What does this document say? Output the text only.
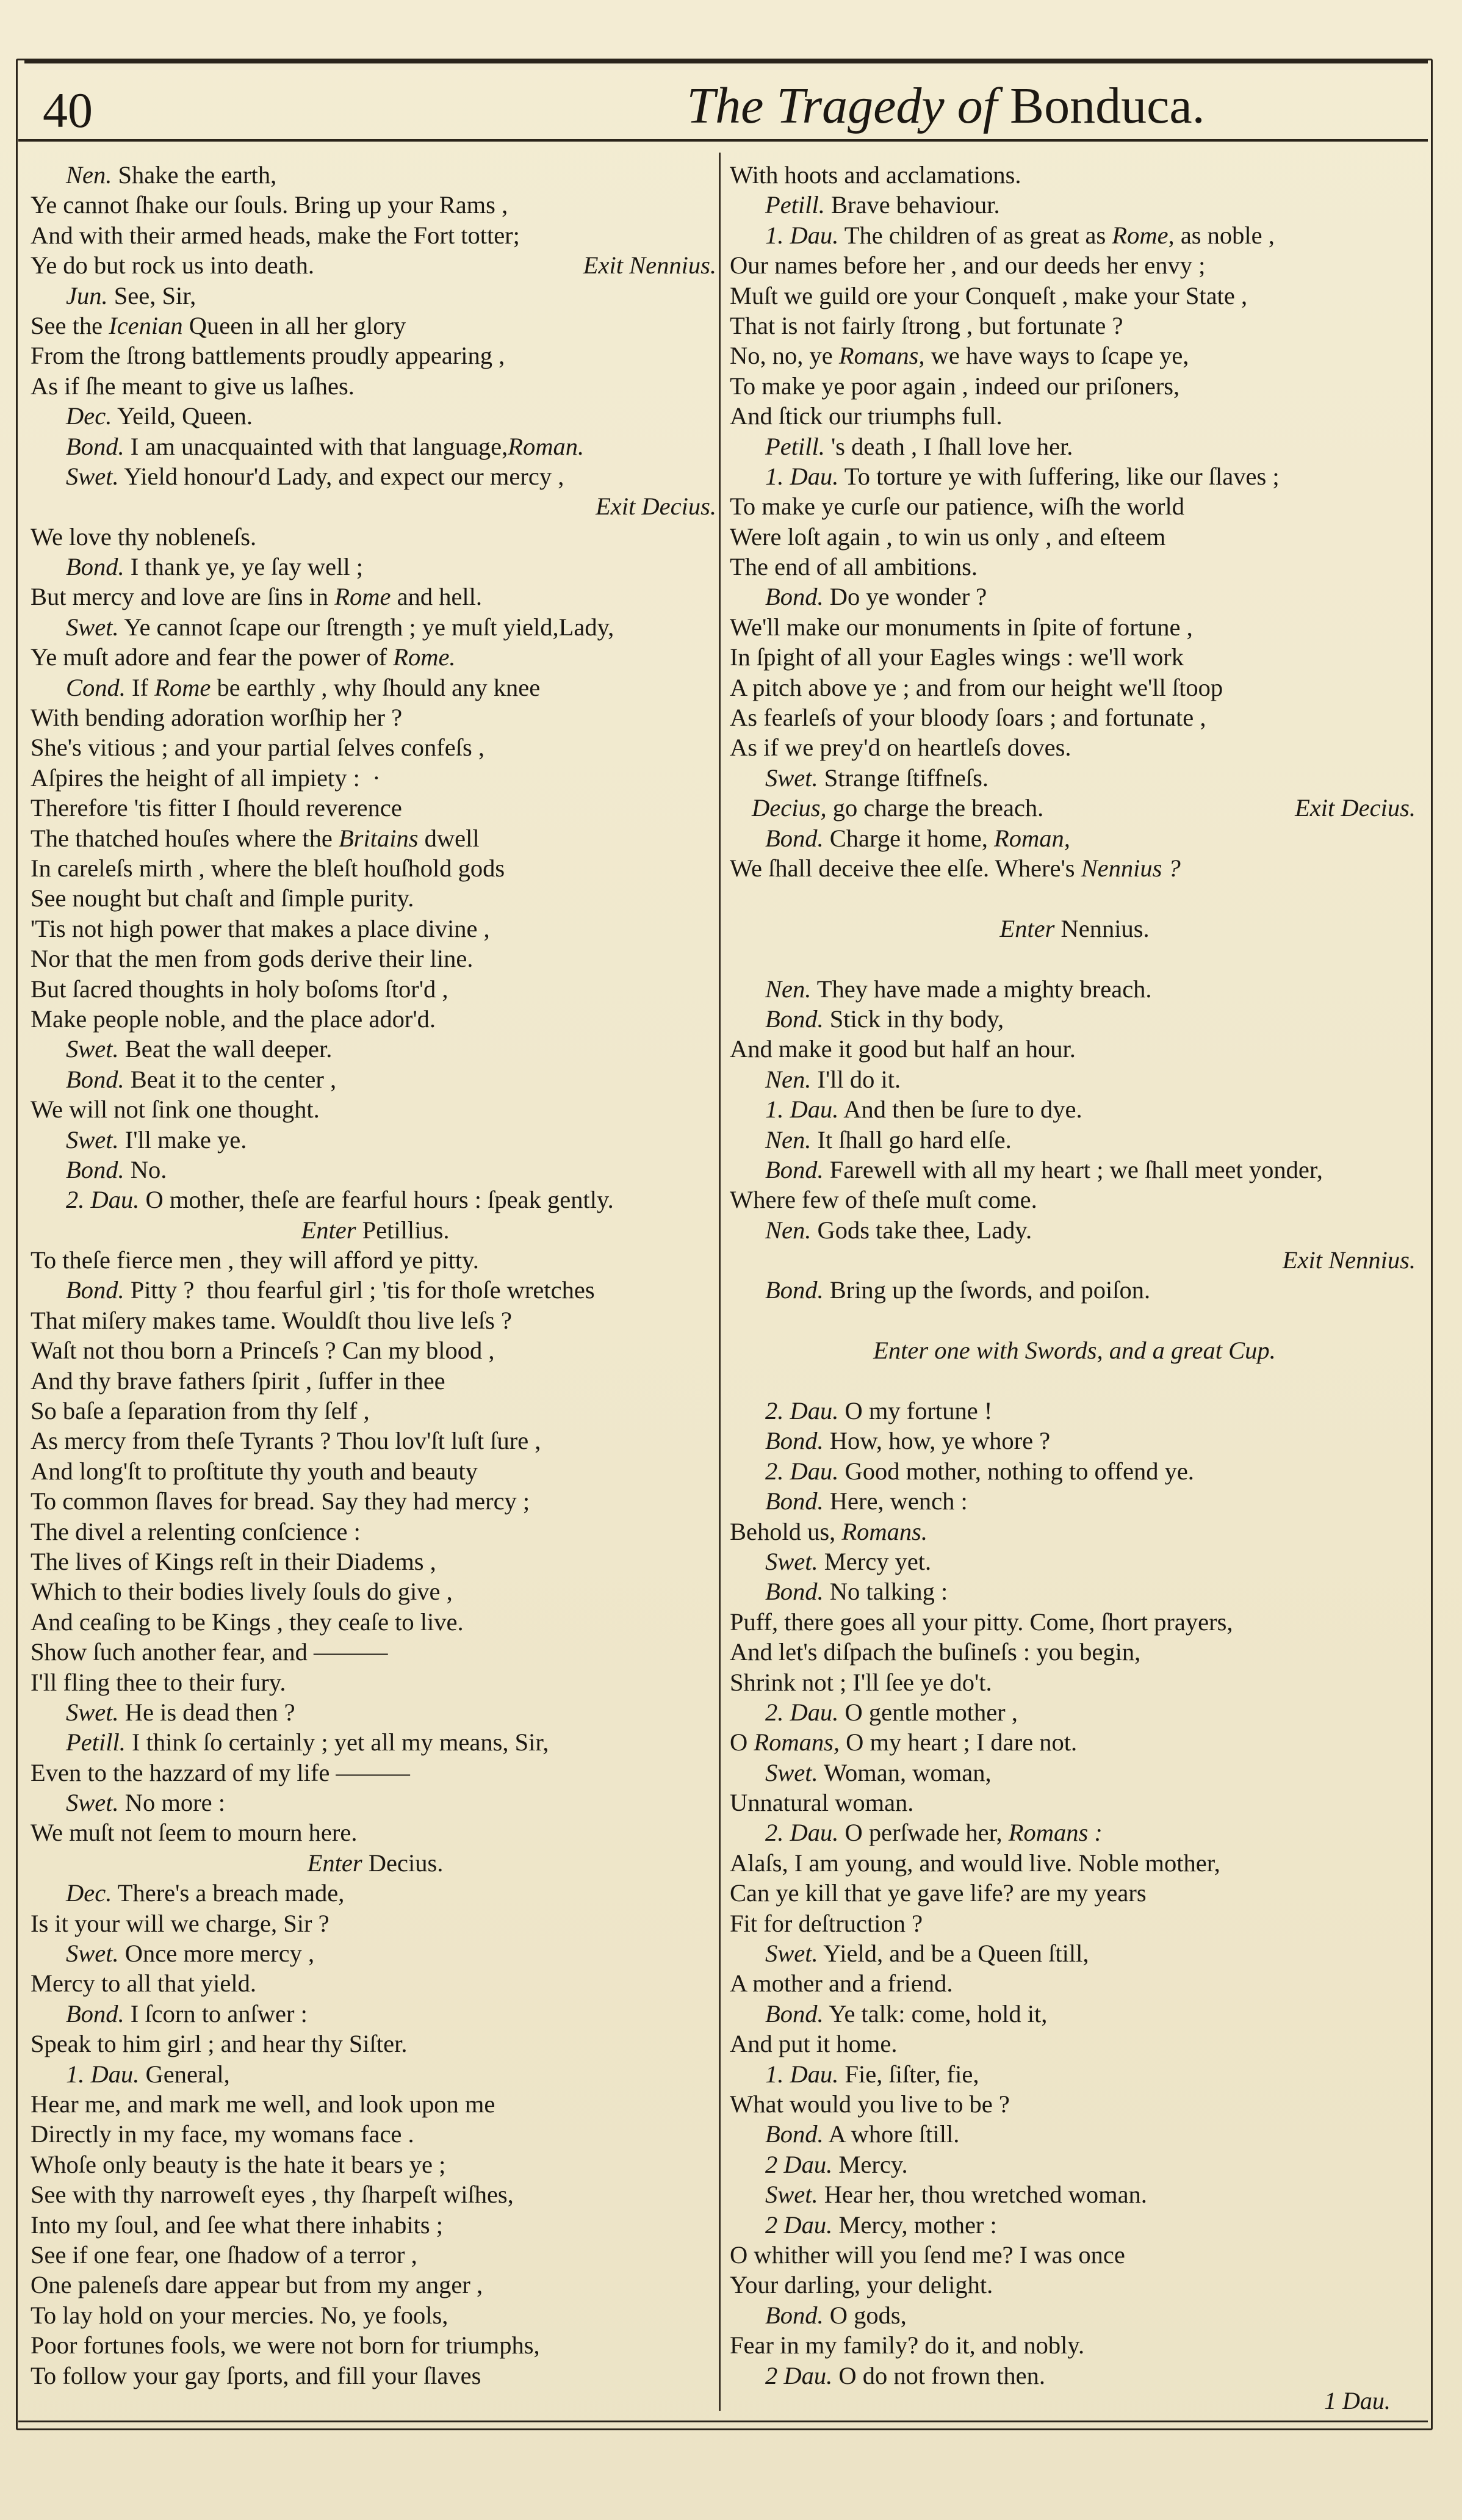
40	The Tragedy of Bonduca.
Nen. Shake the earth,
Ye cannot ſhake our ſouls. Bring up your Rams ,
And with their armed heads, make the Fort totter;
Ye do but rock us into death.	Exit Nennius.
Jun. See, Sir,
See the Icenian Queen in all her glory
From the ſtrong battlements proudly appearing ,
As if ſhe meant to give us laſhes.
Dec. Yeild, Queen.
Bond. I am unacquainted with that language,Roman.
Swet. Yield honour'd Lady, and expect our mercy ,
Exit Decius.
We love thy nobleneſs.
Bond. I thank ye, ye ſay well ;
But mercy and love are ſins in Rome and hell.
Swet. Ye cannot ſcape our ſtrength ; ye muſt yield,Lady,
Ye muſt adore and fear the power of Rome.
Cond. If Rome be earthly , why ſhould any knee
With bending adoration worſhip her ?
She's vitious ; and your partial ſelves confeſs ,
Aſpires the height of all impiety :  ·
Therefore 'tis fitter I ſhould reverence
The thatched houſes where the Britains dwell
In careleſs mirth , where the bleſt houſhold gods
See nought but chaſt and ſimple purity.
'Tis not high power that makes a place divine ,
Nor that the men from gods derive their line.
But ſacred thoughts in holy boſoms ſtor'd ,
Make people noble, and the place ador'd.
Swet. Beat the wall deeper.
Bond. Beat it to the center ,
We will not ſink one thought.
Swet. I'll make ye.
Bond. No.
2. Dau. O mother, theſe are fearful hours : ſpeak gently.
Enter Petillius.
To theſe fierce men , they will afford ye pitty.
Bond. Pitty ?  thou fearful girl ; 'tis for thoſe wretches
That miſery makes tame. Wouldſt thou live leſs ?
Waſt not thou born a Princeſs ? Can my blood ,
And thy brave fathers ſpirit , ſuffer in thee
So baſe a ſeparation from thy ſelf ,
As mercy from theſe Tyrants ? Thou lov'ſt luſt ſure ,
And long'ſt to proſtitute thy youth and beauty
To common ſlaves for bread. Say they had mercy ;
The divel a relenting conſcience :
The lives of Kings reſt in their Diadems ,
Which to their bodies lively ſouls do give ,
And ceaſing to be Kings , they ceaſe to live.
Show ſuch another fear, and ———
I'll fling thee to their fury.
Swet. He is dead then ?
Petill. I think ſo certainly ; yet all my means, Sir,
Even to the hazzard of my life ———
Swet. No more :
We muſt not ſeem to mourn here.
Enter Decius.
Dec. There's a breach made,
Is it your will we charge, Sir ?
Swet. Once more mercy ,
Mercy to all that yield.
Bond. I ſcorn to anſwer :
Speak to him girl ; and hear thy Siſter.
1. Dau. General,
Hear me, and mark me well, and look upon me
Directly in my face, my womans face .
Whoſe only beauty is the hate it bears ye ;
See with thy narroweſt eyes , thy ſharpeſt wiſhes,
Into my ſoul, and ſee what there inhabits ;
See if one fear, one ſhadow of a terror ,
One paleneſs dare appear but from my anger ,
To lay hold on your mercies. No, ye fools,
Poor fortunes fools, we were not born for triumphs,
To follow your gay ſports, and fill your ſlaves
With hoots and acclamations.
Petill. Brave behaviour.
1. Dau. The children of as great as Rome, as noble ,
Our names before her , and our deeds her envy ;
Muſt we guild ore your Conqueſt , make your State ,
That is not fairly ſtrong , but fortunate ?
No, no, ye Romans, we have ways to ſcape ye,
To make ye poor again , indeed our priſoners,
And ſtick our triumphs full.
Petill. 's death , I ſhall love her.
1. Dau. To torture ye with ſuffering, like our ſlaves ;
To make ye curſe our patience, wiſh the world
Were loſt again , to win us only , and eſteem
The end of all ambitions.
Bond. Do ye wonder ?
We'll make our monuments in ſpite of fortune ,
In ſpight of all your Eagles wings : we'll work
A pitch above ye ; and from our height we'll ſtoop
As fearleſs of your bloody ſoars ; and fortunate ,
As if we prey'd on heartleſs doves.
Swet. Strange ſtiffneſs.
Decius, go charge the breach.	Exit Decius.
Bond. Charge it home, Roman,
We ſhall deceive thee elſe. Where's Nennius ?
Enter Nennius.
Nen. They have made a mighty breach.
Bond. Stick in thy body,
And make it good but half an hour.
Nen. I'll do it.
1. Dau. And then be ſure to dye.
Nen. It ſhall go hard elſe.
Bond. Farewell with all my heart ; we ſhall meet yonder,
Where few of theſe muſt come.
Nen. Gods take thee, Lady.
Exit Nennius.
Bond. Bring up the ſwords, and poiſon.
Enter one with Swords, and a great Cup.
2. Dau. O my fortune !
Bond. How, how, ye whore ?
2. Dau. Good mother, nothing to offend ye.
Bond. Here, wench :
Behold us, Romans.
Swet. Mercy yet.
Bond. No talking :
Puff, there goes all your pitty. Come, ſhort prayers,
And let's diſpach the buſineſs : you begin,
Shrink not ; I'll ſee ye do't.
2. Dau. O gentle mother ,
O Romans, O my heart ; I dare not.
Swet. Woman, woman,
Unnatural woman.
2. Dau. O perſwade her, Romans :
Alaſs, I am young, and would live. Noble mother,
Can ye kill that ye gave life? are my years
Fit for deſtruction ?
Swet. Yield, and be a Queen ſtill,
A mother and a friend.
Bond. Ye talk: come, hold it,
And put it home.
1. Dau. Fie, ſiſter, fie,
What would you live to be ?
Bond. A whore ſtill.
2 Dau. Mercy.
Swet. Hear her, thou wretched woman.
2 Dau. Mercy, mother :
O whither will you ſend me? I was once
Your darling, your delight.
Bond. O gods,
Fear in my family? do it, and nobly.
2 Dau. O do not frown then.
1 Dau.
